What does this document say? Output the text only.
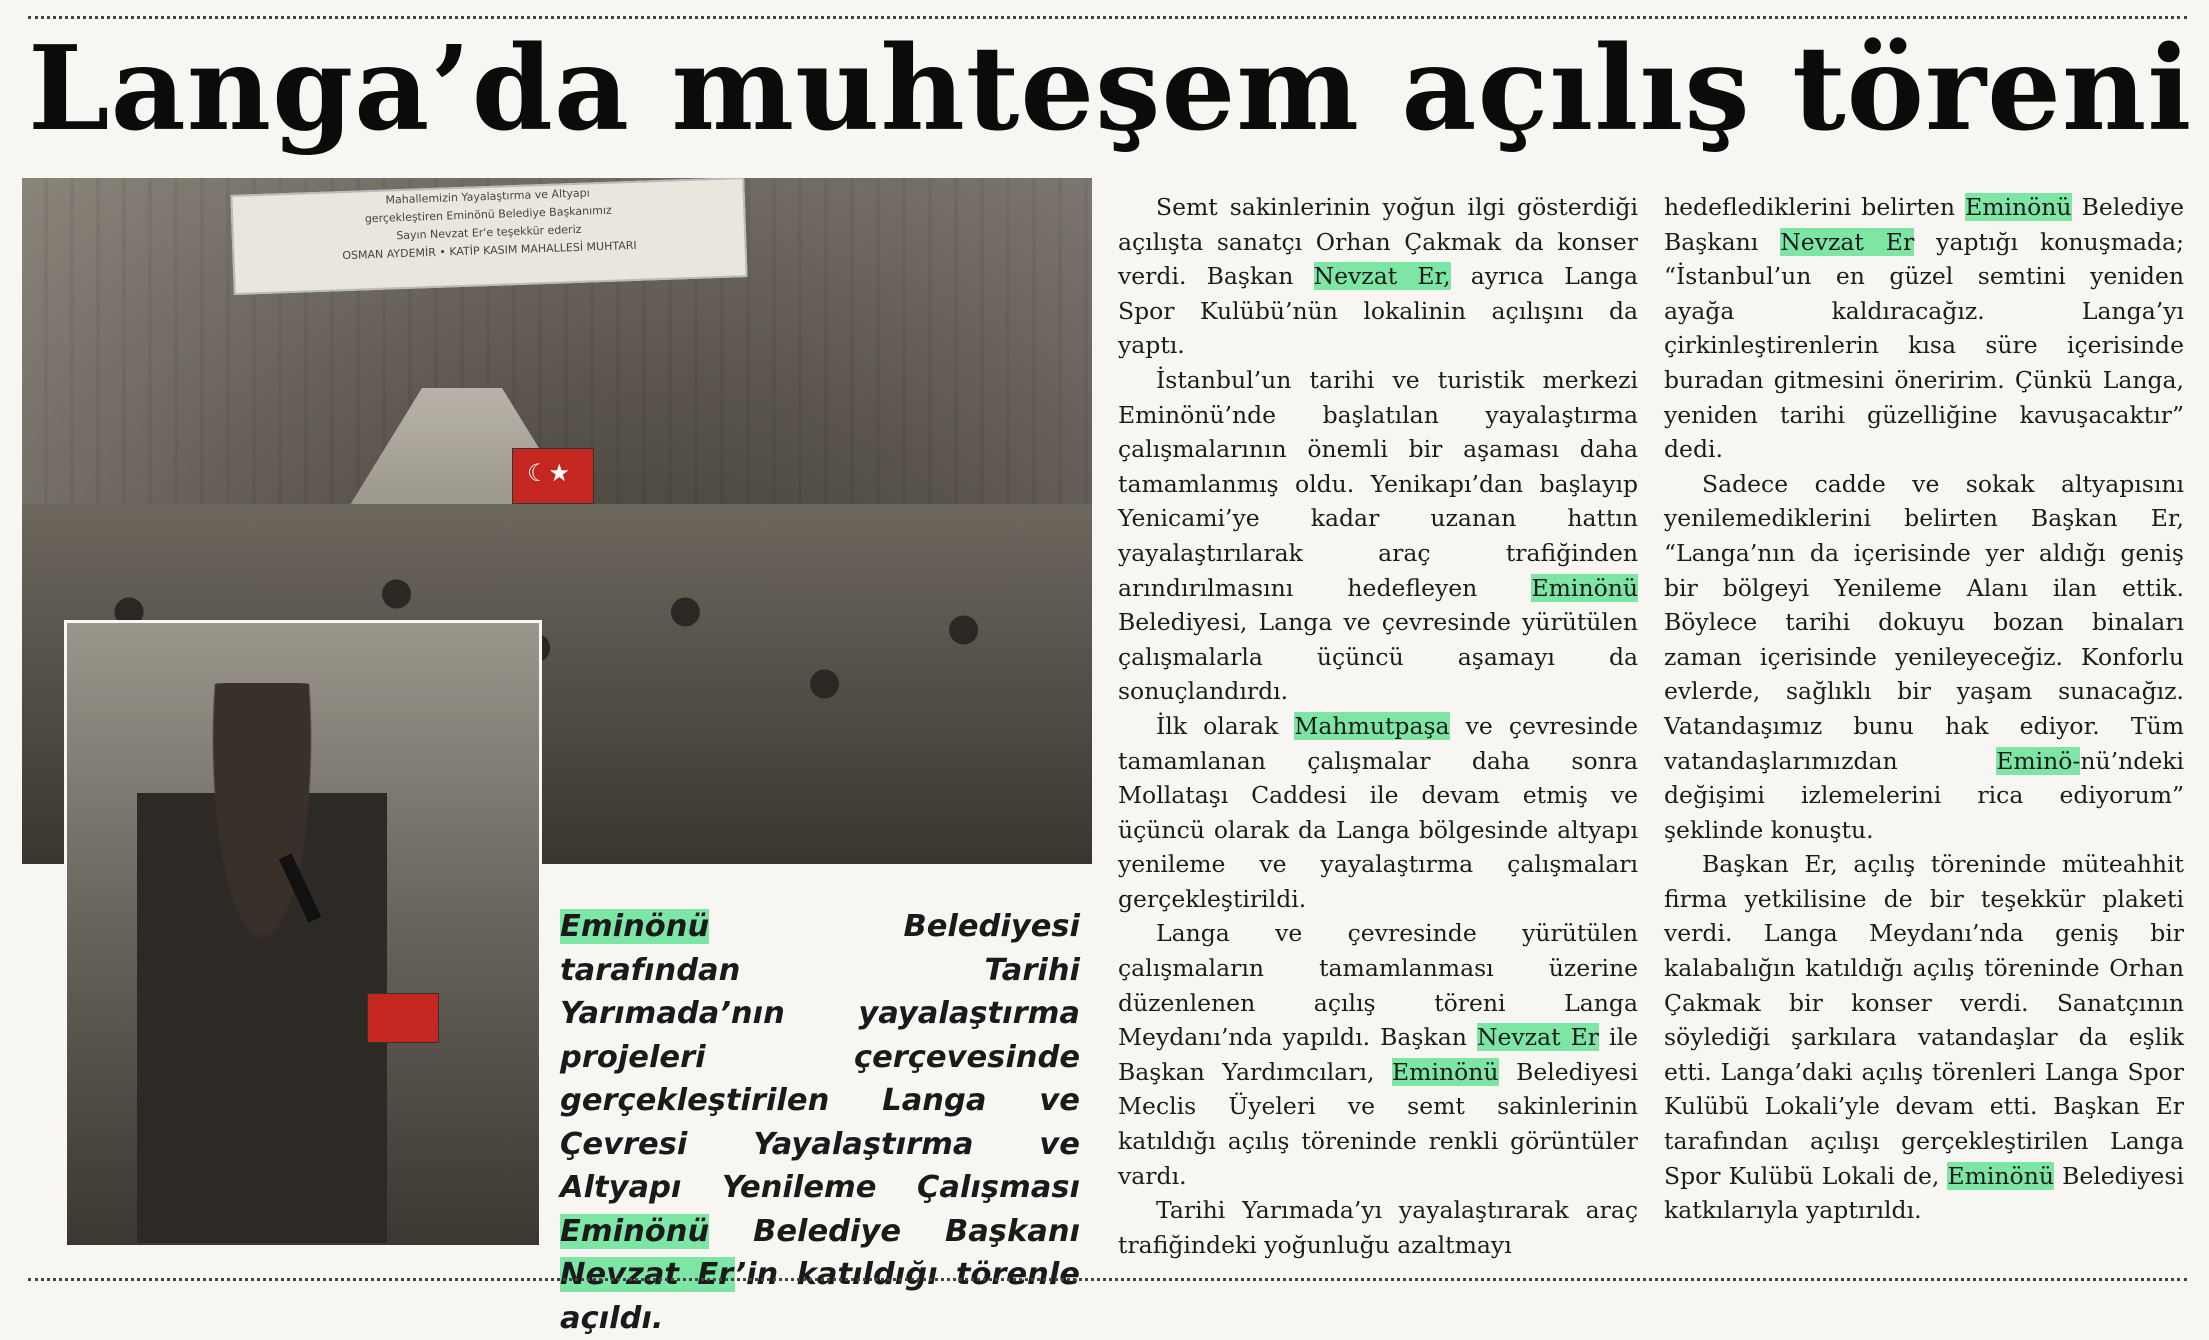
Langa’da muhteşem açılış töreni
Mahallemizin Yayalaştırma ve Altyapı
gerçekleştiren Eminönü Belediye Başkanımız
Sayın Nevzat Er'e teşekkür ederiz
OSMAN AYDEMİR • KATİP KASIM MAHALLESİ MUHTARI
☾★

Eminönü	Belediyesi tarafından Tarihi Yarımada’nın yayalaştırma projeleri çerçevesinde gerçekleştirilen Langa ve Çevresi Yayalaştırma ve Altyapı Yenileme Çalışması Eminönü Belediye Başkanı Nevzat Er’in katıldığı törenle açıldı.

Semt sakinlerinin yoğun ilgi gösterdiği açılışta sanatçı Orhan Çakmak da konser verdi. Başkan Nevzat Er, ayrıca Langa Spor Kulübü’nün lokalinin açılışını da yaptı.

İstanbul’un tarihi ve turistik merkezi Eminönü’nde başlatılan yayalaştırma çalışmalarının önemli bir aşaması daha tamamlanmış oldu. Yenikapı’dan başlayıp Yenicami’ye kadar uzanan hattın yayalaştırılarak araç trafiğinden arındırılmasını hedefleyen Eminönü Belediyesi, Langa ve çevresinde yürütülen çalışmalarla üçüncü aşamayı da sonuçlandırdı.

İlk olarak Mahmutpaşa ve çevresinde tamamlanan çalışmalar daha sonra Mollataşı Caddesi ile devam etmiş ve üçüncü olarak da Langa bölgesinde altyapı yenileme ve yayalaştırma çalışmaları gerçekleştirildi.

Langa ve çevresinde yürütülen çalışmaların tamamlanması üzerine düzenlenen açılış töreni Langa Meydanı’nda yapıldı. Başkan Nevzat Er ile Başkan Yardımcıları, Eminönü Belediyesi Meclis Üyeleri ve semt sakinlerinin katıldığı açılış töreninde renkli görüntüler vardı.

Tarihi Yarımada’yı yayalaştırarak araç trafiğindeki yoğunluğu azaltmayı

hedeflediklerini belirten Eminönü Belediye Başkanı Nevzat Er yaptığı konuşmada; “İstanbul’un en güzel semtini yeniden ayağa kaldıracağız. Langa’yı çirkinleştirenlerin kısa süre içerisinde buradan gitmesini öneririm. Çünkü Langa, yeniden tarihi güzelliğine kavuşacaktır” dedi.

Sadece cadde ve sokak altyapısını yenilemediklerini belirten Başkan Er, “Langa’nın da içerisinde yer aldığı geniş bir bölgeyi Yenileme Alanı ilan ettik. Böylece tarihi dokuyu bozan binaları zaman içerisinde yenileyeceğiz. Konforlu evlerde, sağlıklı bir yaşam sunacağız. Vatandaşımız bunu hak ediyor. Tüm vatandaşlarımızdan Eminö-nü’ndeki değişimi izlemelerini rica ediyorum” şeklinde konuştu.

Başkan Er, açılış töreninde müteahhit firma yetkilisine de bir teşekkür plaketi verdi. Langa Meydanı’nda geniş bir kalabalığın katıldığı açılış töreninde Orhan Çakmak bir konser verdi. Sanatçının söylediği şarkılara vatandaşlar da eşlik etti. Langa’daki açılış törenleri Langa Spor Kulübü Lokali’yle devam etti. Başkan Er tarafından açılışı gerçekleştirilen Langa Spor Kulübü Lokali de, Eminönü Belediyesi katkılarıyla yaptırıldı.
